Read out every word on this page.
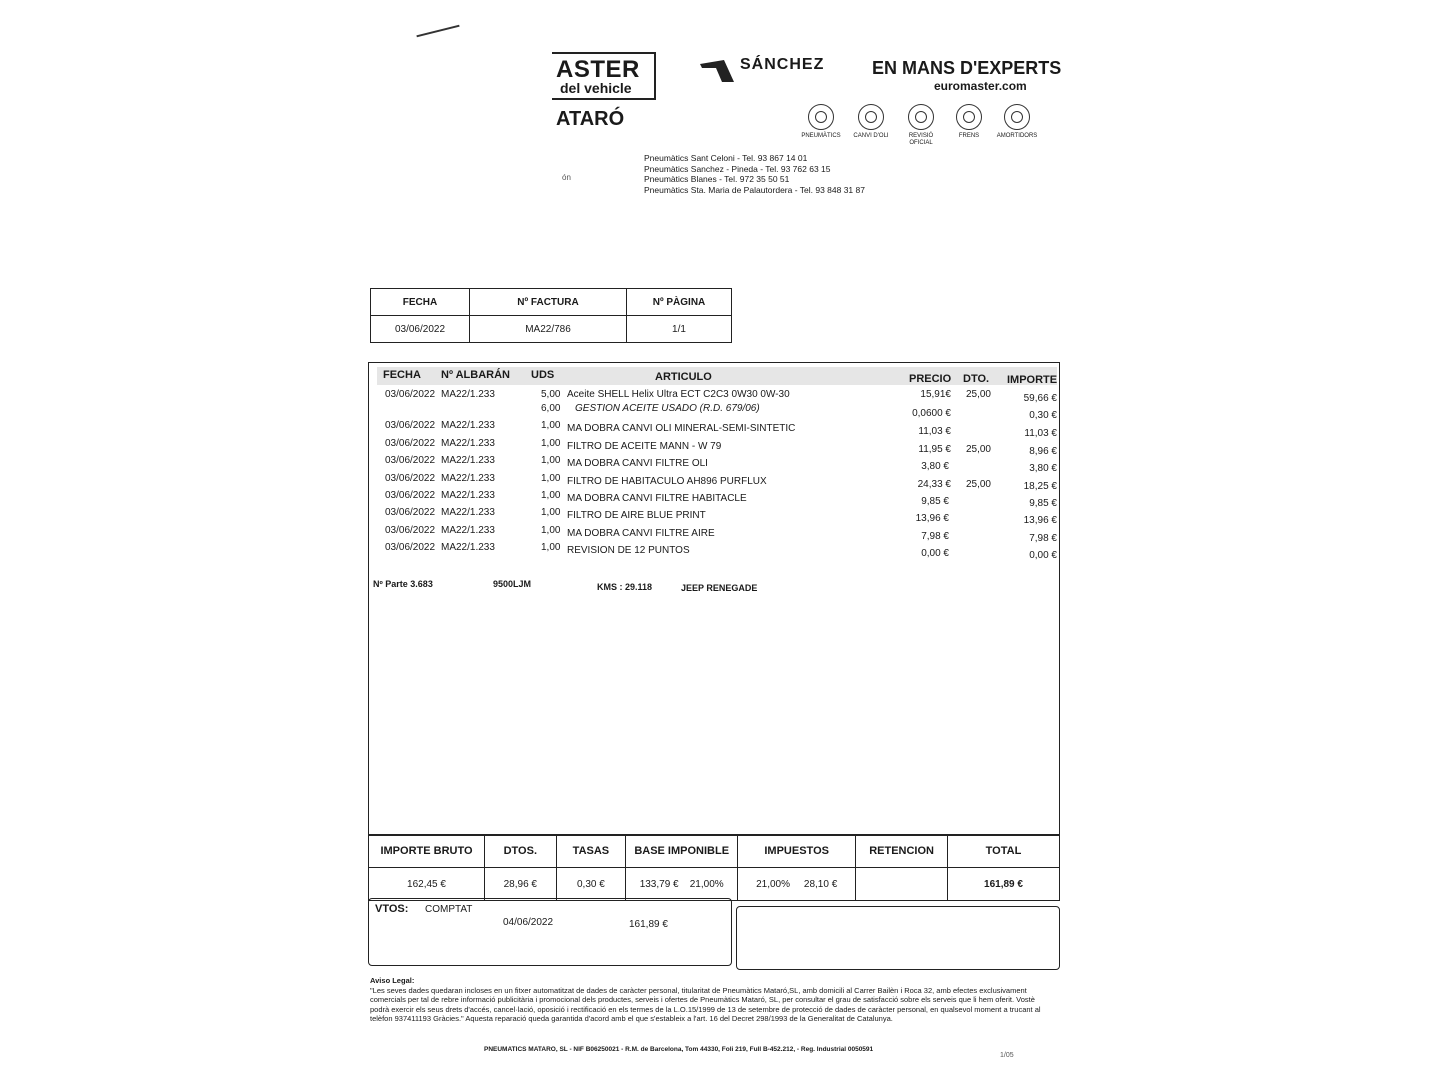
ASTER
del vehicle
ATARÓ
SÁNCHEZ	EN MANS D'EXPERTS
euromaster.com
PNEUMÀTICS	CANVI D'OLI	REVISIÓ OFICIAL
FRENS	AMORTIDORS
ón
Pneumàtics Sant Celoni - Tel. 93 867 14 01
Pneumàtics Sanchez - Pineda - Tel. 93 762 63 15
Pneumàtics Blanes - Tel. 972 35 50 51
Pneumàtics Sta. Maria de Palautordera - Tel. 93 848 31 87
FECHA	Nº FACTURA	Nº PÀGINA
03/06/2022	MA22/786	1/1
FECHA Nº ALBARÁN UDS	ARTICULO	PRECIO DTO. IMPORTE
03/06/2022 MA22/1.233	5,00 Aceite SHELL Helix Ultra ECT C2C3 0W30 0W-30	15,91€ 25,00	59,66 €
6,00 GESTION ACEITE USADO (R.D. 679/06)	0,0600 €	0,30 €
03/06/2022 MA22/1.233	1,00 MA DOBRA CANVI OLI MINERAL-SEMI-SINTETIC	11,03 €	11,03 €
03/06/2022 MA22/1.233	1,00 FILTRO DE ACEITE MANN - W 79	11,95 € 25,00	8,96 €
03/06/2022 MA22/1.233	1,00 MA DOBRA CANVI FILTRE OLI	3,80 €	3,80 €
03/06/2022 MA22/1.233	1,00 FILTRO DE HABITACULO AH896 PURFLUX	24,33 € 25,00	18,25 €
03/06/2022 MA22/1.233	1,00 MA DOBRA CANVI FILTRE HABITACLE	9,85 €	9,85 €
03/06/2022 MA22/1.233	1,00 FILTRO DE AIRE BLUE PRINT	13,96 €	13,96 €
03/06/2022 MA22/1.233	1,00 MA DOBRA CANVI FILTRE AIRE	7,98 €	7,98 €
03/06/2022 MA22/1.233	1,00 REVISION DE 12 PUNTOS	0,00 €	0,00 €
Nº Parte 3.683	9500LJM	KMS : 29.118	JEEP RENEGADE
IMPORTE BRUTO	DTOS.	TASAS	BASE IMPONIBLE	IMPUESTOS	RETENCION	TOTAL
162,45 €	28,96 €	0,30 €	133,79 € 21,00%	21,00% 28,10 €		161,89 €
VTOS: COMPTAT
04/06/2022	161,89 €
Aviso Legal:
"Les seves dades quedaran incloses en un fitxer automatitzat de dades de caràcter personal, titularitat de Pneumàtics Mataró,SL, amb domicili al Carrer Bailèn i Roca 32, amb efectes exclusivament comercials per tal de rebre informació publicitària i promocional dels productes, serveis i ofertes de Pneumàtics Mataró, SL, per consultar el grau de satisfacció sobre els serveis que li hem oferit. Vostè podrà exercir els seus drets d'accés, cancel·lació, oposició i rectificació en els termes de la L.O.15/1999 de 13 de setembre de protecció de dades de caràcter personal, en qualsevol moment a trucant al telèfon 937411193 Gràcies." Aquesta reparació queda garantida d'acord amb el que s'estableix a l'art. 16 del Decret 298/1993 de la Generalitat de Catalunya.
PNEUMATICS MATARO, SL - NIF B06250021 - R.M. de Barcelona, Tom 44330, Foli 219, Full B-452.212, - Reg. Industrial 0050591
1/05
